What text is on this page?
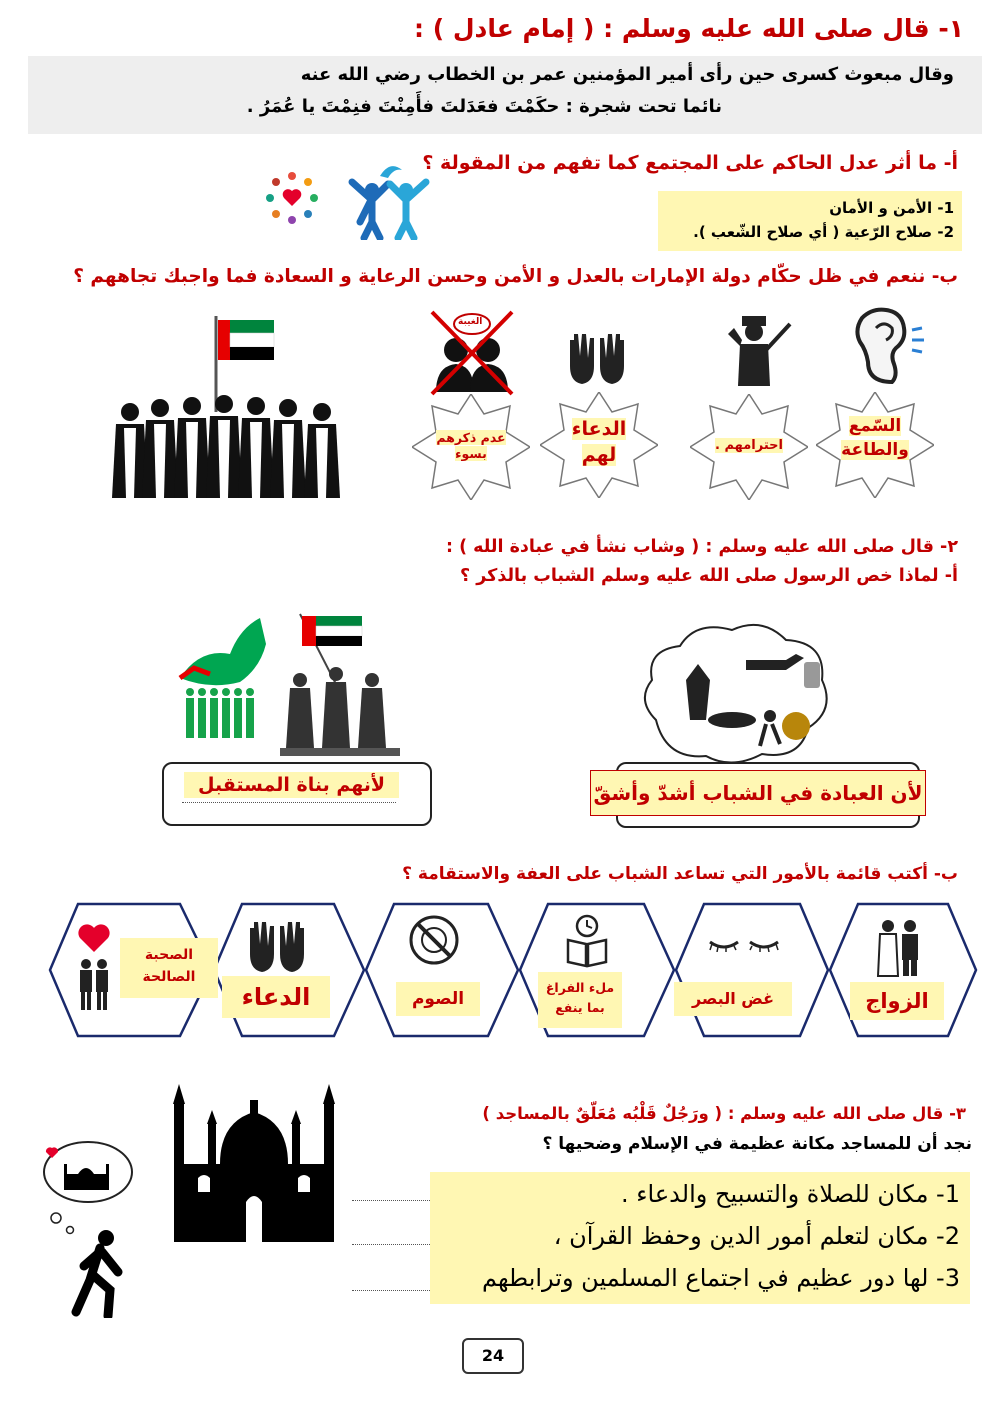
١- قال صلى الله عليه وسلم : ( إمام عادل ) :
وقال مبعوث كسرى حين رأى أمير المؤمنين عمر بن الخطاب رضي الله عنه
نائما تحت شجرة : حكَمْتَ فعَدَلتَ فأَمِنْتَ فنِمْتَ يا عُمَرُ .
أ- ما أثر عدل الحاكم على المجتمع كما تفهم من المقولة ؟
1- الأمن و الأمان
2- صلاح الرّعية ( أي صلاح الشّعب ).
ب- ننعم في ظل حكّام دولة الإمارات بالعدل و الأمن وحسن الرعاية و السعادة فما واجبك تجاههم ؟
الغيبة
عدم ذكرهم بسوء
الدعاء لهم	احترامهم .
السّمع والطاعة
٢- قال صلى الله عليه وسلم : ( وشاب نشأ في عبادة الله ) :
أ- لماذا خص الرسول صلى الله عليه وسلم الشباب بالذكر ؟
لأنهم بناة المستقبل	لأن العبادة في الشباب أشدّ وأشقّ
ب- أكتب قائمة بالأمور التي تساعد الشباب على العفة والاستقامة ؟
الصحبة الصالحة
الدعاء	الصوم
ملء الفراغ بما ينفع	غض البصر	الزواج
٣- قال صلى الله عليه وسلم : ( ورَجُلٌ قَلْبُه مُعَلّقٌ بالمساجد )
نجد أن للمساجد مكانة عظيمة في الإسلام وضحيها ؟
1- مكان للصلاة والتسبيح والدعاء .
2- مكان لتعلم أمور الدين وحفظ القرآن ،
3- لها دور عظيم في اجتماع المسلمين وترابطهم
24
